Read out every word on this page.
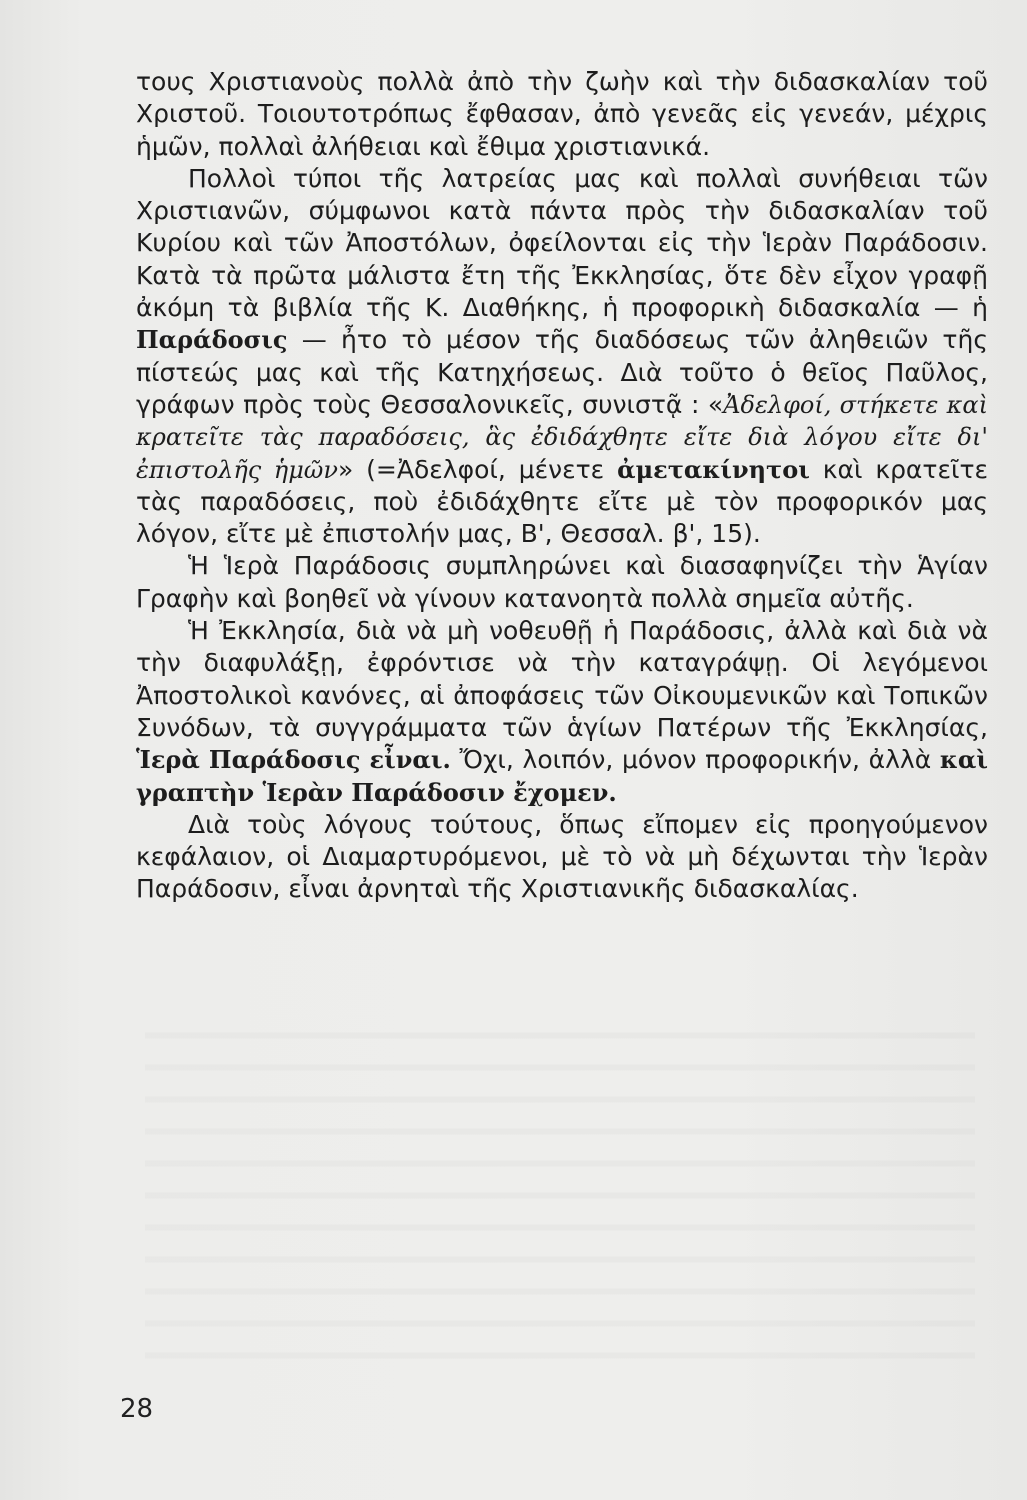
τους Χριστιανοὺς πολλὰ ἀπὸ τὴν ζωὴν καὶ τὴν διδασκαλίαν τοῦ Χριστοῦ. Τοιουτοτρόπως ἔφθασαν, ἀπὸ γενεᾶς εἰς γενεάν, μέχρις ἡμῶν, πολλαὶ ἀλήθειαι καὶ ἔθιμα χριστιανικά.

Πολλοὶ τύποι τῆς λατρείας μας καὶ πολλαὶ συνήθειαι τῶν Χριστιανῶν, σύμφωνοι κατὰ πάντα πρὸς τὴν διδασκαλίαν τοῦ Κυρίου καὶ τῶν Ἀποστόλων, ὀφείλονται εἰς τὴν Ἱερὰν Παράδοσιν. Κατὰ τὰ πρῶτα μάλιστα ἔτη τῆς Ἐκκλησίας, ὅτε δὲν εἶχον γραφῇ ἀκόμη τὰ βιβλία τῆς Κ. Διαθήκης, ἡ προφορικὴ διδασκαλία — ἡ Παράδοσις — ἦτο τὸ μέσον τῆς διαδόσεως τῶν ἀληθειῶν τῆς πίστεώς μας καὶ τῆς Κατηχήσεως. Διὰ τοῦτο ὁ θεῖος Παῦλος, γράφων πρὸς τοὺς Θεσσαλονικεῖς, συνιστᾷ : «Ἀδελφοί, στήκετε καὶ κρατεῖτε τὰς παραδόσεις, ἃς ἐδιδάχθητε εἴτε διὰ λόγου εἴτε δι' ἐπιστολῆς ἡμῶν» (=Ἀδελφοί, μένετε ἀμετακίνητοι καὶ κρατεῖτε τὰς παραδόσεις, ποὺ ἐδιδάχθητε εἴτε μὲ τὸν προφορικόν μας λόγον, εἴτε μὲ ἐπιστολήν μας, Β', Θεσσαλ. β', 15).

Ἡ Ἱερὰ Παράδοσις συμπληρώνει καὶ διασαφηνίζει τὴν Ἁγίαν Γραφὴν καὶ βοηθεῖ νὰ γίνουν κατανοητὰ πολλὰ σημεῖα αὐτῆς.

Ἡ Ἐκκλησία, διὰ νὰ μὴ νοθευθῇ ἡ Παράδοσις, ἀλλὰ καὶ διὰ νὰ τὴν διαφυλάξῃ, ἐφρόντισε νὰ τὴν καταγράψῃ. Οἱ λεγόμενοι Ἀποστολικοὶ κανόνες, αἱ ἀποφάσεις τῶν Οἰκουμενικῶν καὶ Τοπικῶν Συνόδων, τὰ συγγράμματα τῶν ἁγίων Πατέρων τῆς Ἐκκλησίας, Ἱερὰ Παράδοσις εἶναι. Ὄχι, λοιπόν, μόνον προφορικήν, ἀλλὰ καὶ γραπτὴν Ἱερὰν Παράδοσιν ἔχομεν.

Διὰ τοὺς λόγους τούτους, ὅπως εἴπομεν εἰς προηγούμενον κεφάλαιον, οἱ Διαμαρτυρόμενοι, μὲ τὸ νὰ μὴ δέχωνται τὴν Ἱερὰν Παράδοσιν, εἶναι ἀρνηταὶ τῆς Χριστιανικῆς διδασκαλίας.

28
